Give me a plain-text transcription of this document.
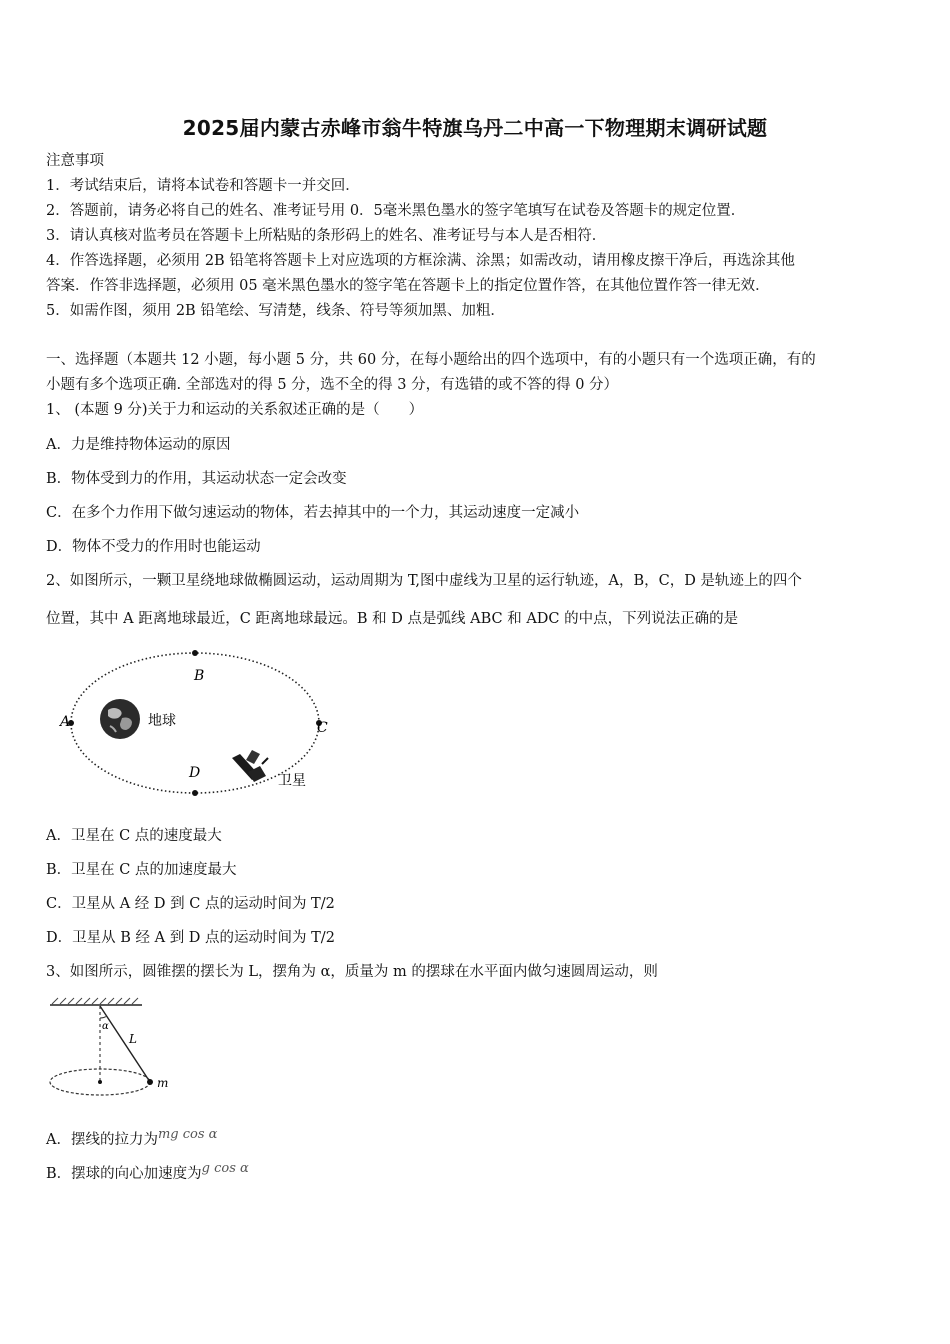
2025届内蒙古赤峰市翁牛特旗乌丹二中高一下物理期末调研试题
注意事项
1．考试结束后，请将本试卷和答题卡一并交回．
2．答题前，请务必将自己的姓名、准考证号用 0．5毫米黑色墨水的签字笔填写在试卷及答题卡的规定位置．
3．请认真核对监考员在答题卡上所粘贴的条形码上的姓名、准考证号与本人是否相符．
4．作答选择题，必须用 2B 铅笔将答题卡上对应选项的方框涂满、涂黑；如需改动，请用橡皮擦干净后，再选涂其他
答案．作答非选择题，必须用 05 毫米黑色墨水的签字笔在答题卡上的指定位置作答，在其他位置作答一律无效．
5．如需作图，须用 2B 铅笔绘、写清楚，线条、符号等须加黑、加粗．
一、选择题（本题共 12 小题，每小题 5 分，共 60 分，在每小题给出的四个选项中，有的小题只有一个选项正确，有的
小题有多个选项正确. 全部选对的得 5 分，选不全的得 3 分，有选错的或不答的得 0 分）
1、 (本题 9 分)关于力和运动的关系叙述正确的是（　　）
A．力是维持物体运动的原因
B．物体受到力的作用，其运动状态一定会改变
C．在多个力作用下做匀速运动的物体，若去掉其中的一个力，其运动速度一定减小
D．物体不受力的作用时也能运动
2、如图所示，一颗卫星绕地球做椭圆运动，运动周期为 T,图中虚线为卫星的运行轨迹，A，B，C，D 是轨迹上的四个
位置，其中 A 距离地球最近，C 距离地球最远。B 和 D 点是弧线 ABC 和 ADC 的中点，下列说法正确的是
A
B
C
D
地球
卫星
A．卫星在 C 点的速度最大
B．卫星在 C 点的加速度最大
C．卫星从 A 经 D 到 C 点的运动时间为 T/2
D．卫星从 B 经 A 到 D 点的运动时间为 T/2
3、如图所示，圆锥摆的摆长为 L，摆角为 α，质量为 m 的摆球在水平面内做匀速圆周运动，则
α
L
m
A．摆线的拉力为mg cos α
B．摆球的向心加速度为g cos α
